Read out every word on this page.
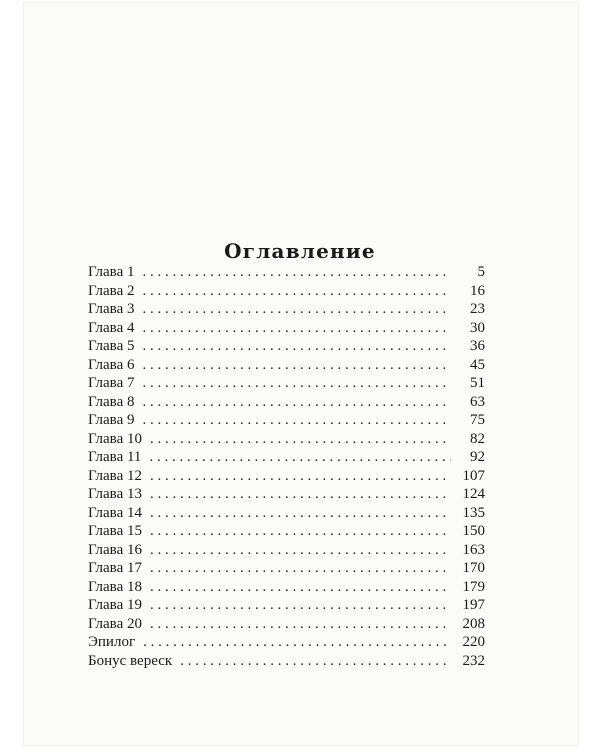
Оглавление
Глава 1 . . .	5
Глава 2 . . .	16
Глава 3 . . .	23
Глава 4 . . .	30
Глава 5 . . .	36
Глава 6 . . .	45
Глава 7 . . .	51
Глава 8 . . .	63
Глава 9 . . .	75
Глава 10 . . .	82
Глава 11 . . .	92
Глава 12 . . .	107
Глава 13 . . .	124
Глава 14 . . .	135
Глава 15 . . .	150
Глава 16 . . .	163
Глава 17 . . .	170
Глава 18 . . .	179
Глава 19 . . .	197
Глава 20 . . .	208
Эпилог . . .	220
Бонус вереск . . .	232
